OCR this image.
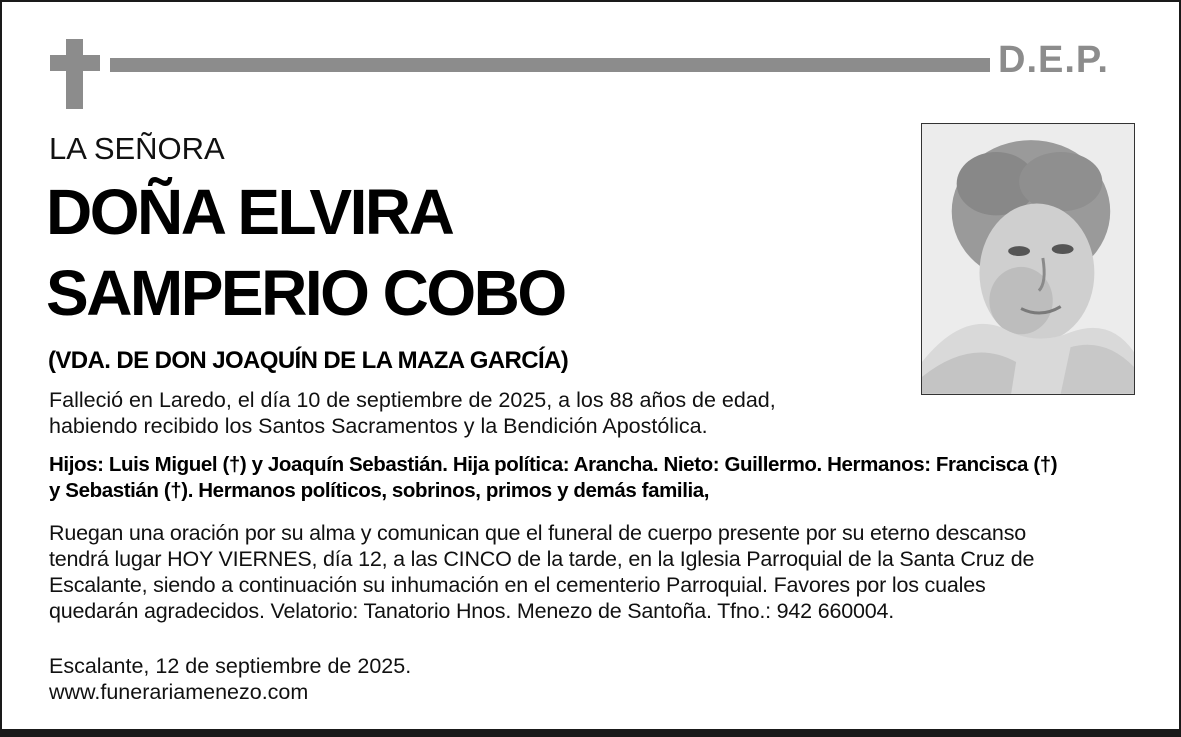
D.E.P.
LA SEÑORA
DOÑA ELVIRA
SAMPERIO COBO
(VDA. DE DON JOAQUÍN DE LA MAZA GARCÍA)
Falleció en Laredo, el día 10 de septiembre de 2025, a los 88 años de edad,
habiendo recibido los Santos Sacramentos y la Bendición Apostólica.
Hijos: Luis Miguel (†) y Joaquín Sebastián. Hija política: Arancha. Nieto: Guillermo. Hermanos: Francisca (†)
y Sebastián (†). Hermanos políticos, sobrinos, primos y demás familia,
Ruegan una oración por su alma y comunican que el funeral de cuerpo presente por su eterno descanso
tendrá lugar HOY VIERNES, día 12, a las CINCO de la tarde, en la Iglesia Parroquial de la Santa Cruz de
Escalante, siendo a continuación su inhumación en el cementerio Parroquial. Favores por los cuales
quedarán agradecidos. Velatorio: Tanatorio Hnos. Menezo de Santoña. Tfno.: 942 660004.
Escalante, 12 de septiembre de 2025.
www.funerariamenezo.com
